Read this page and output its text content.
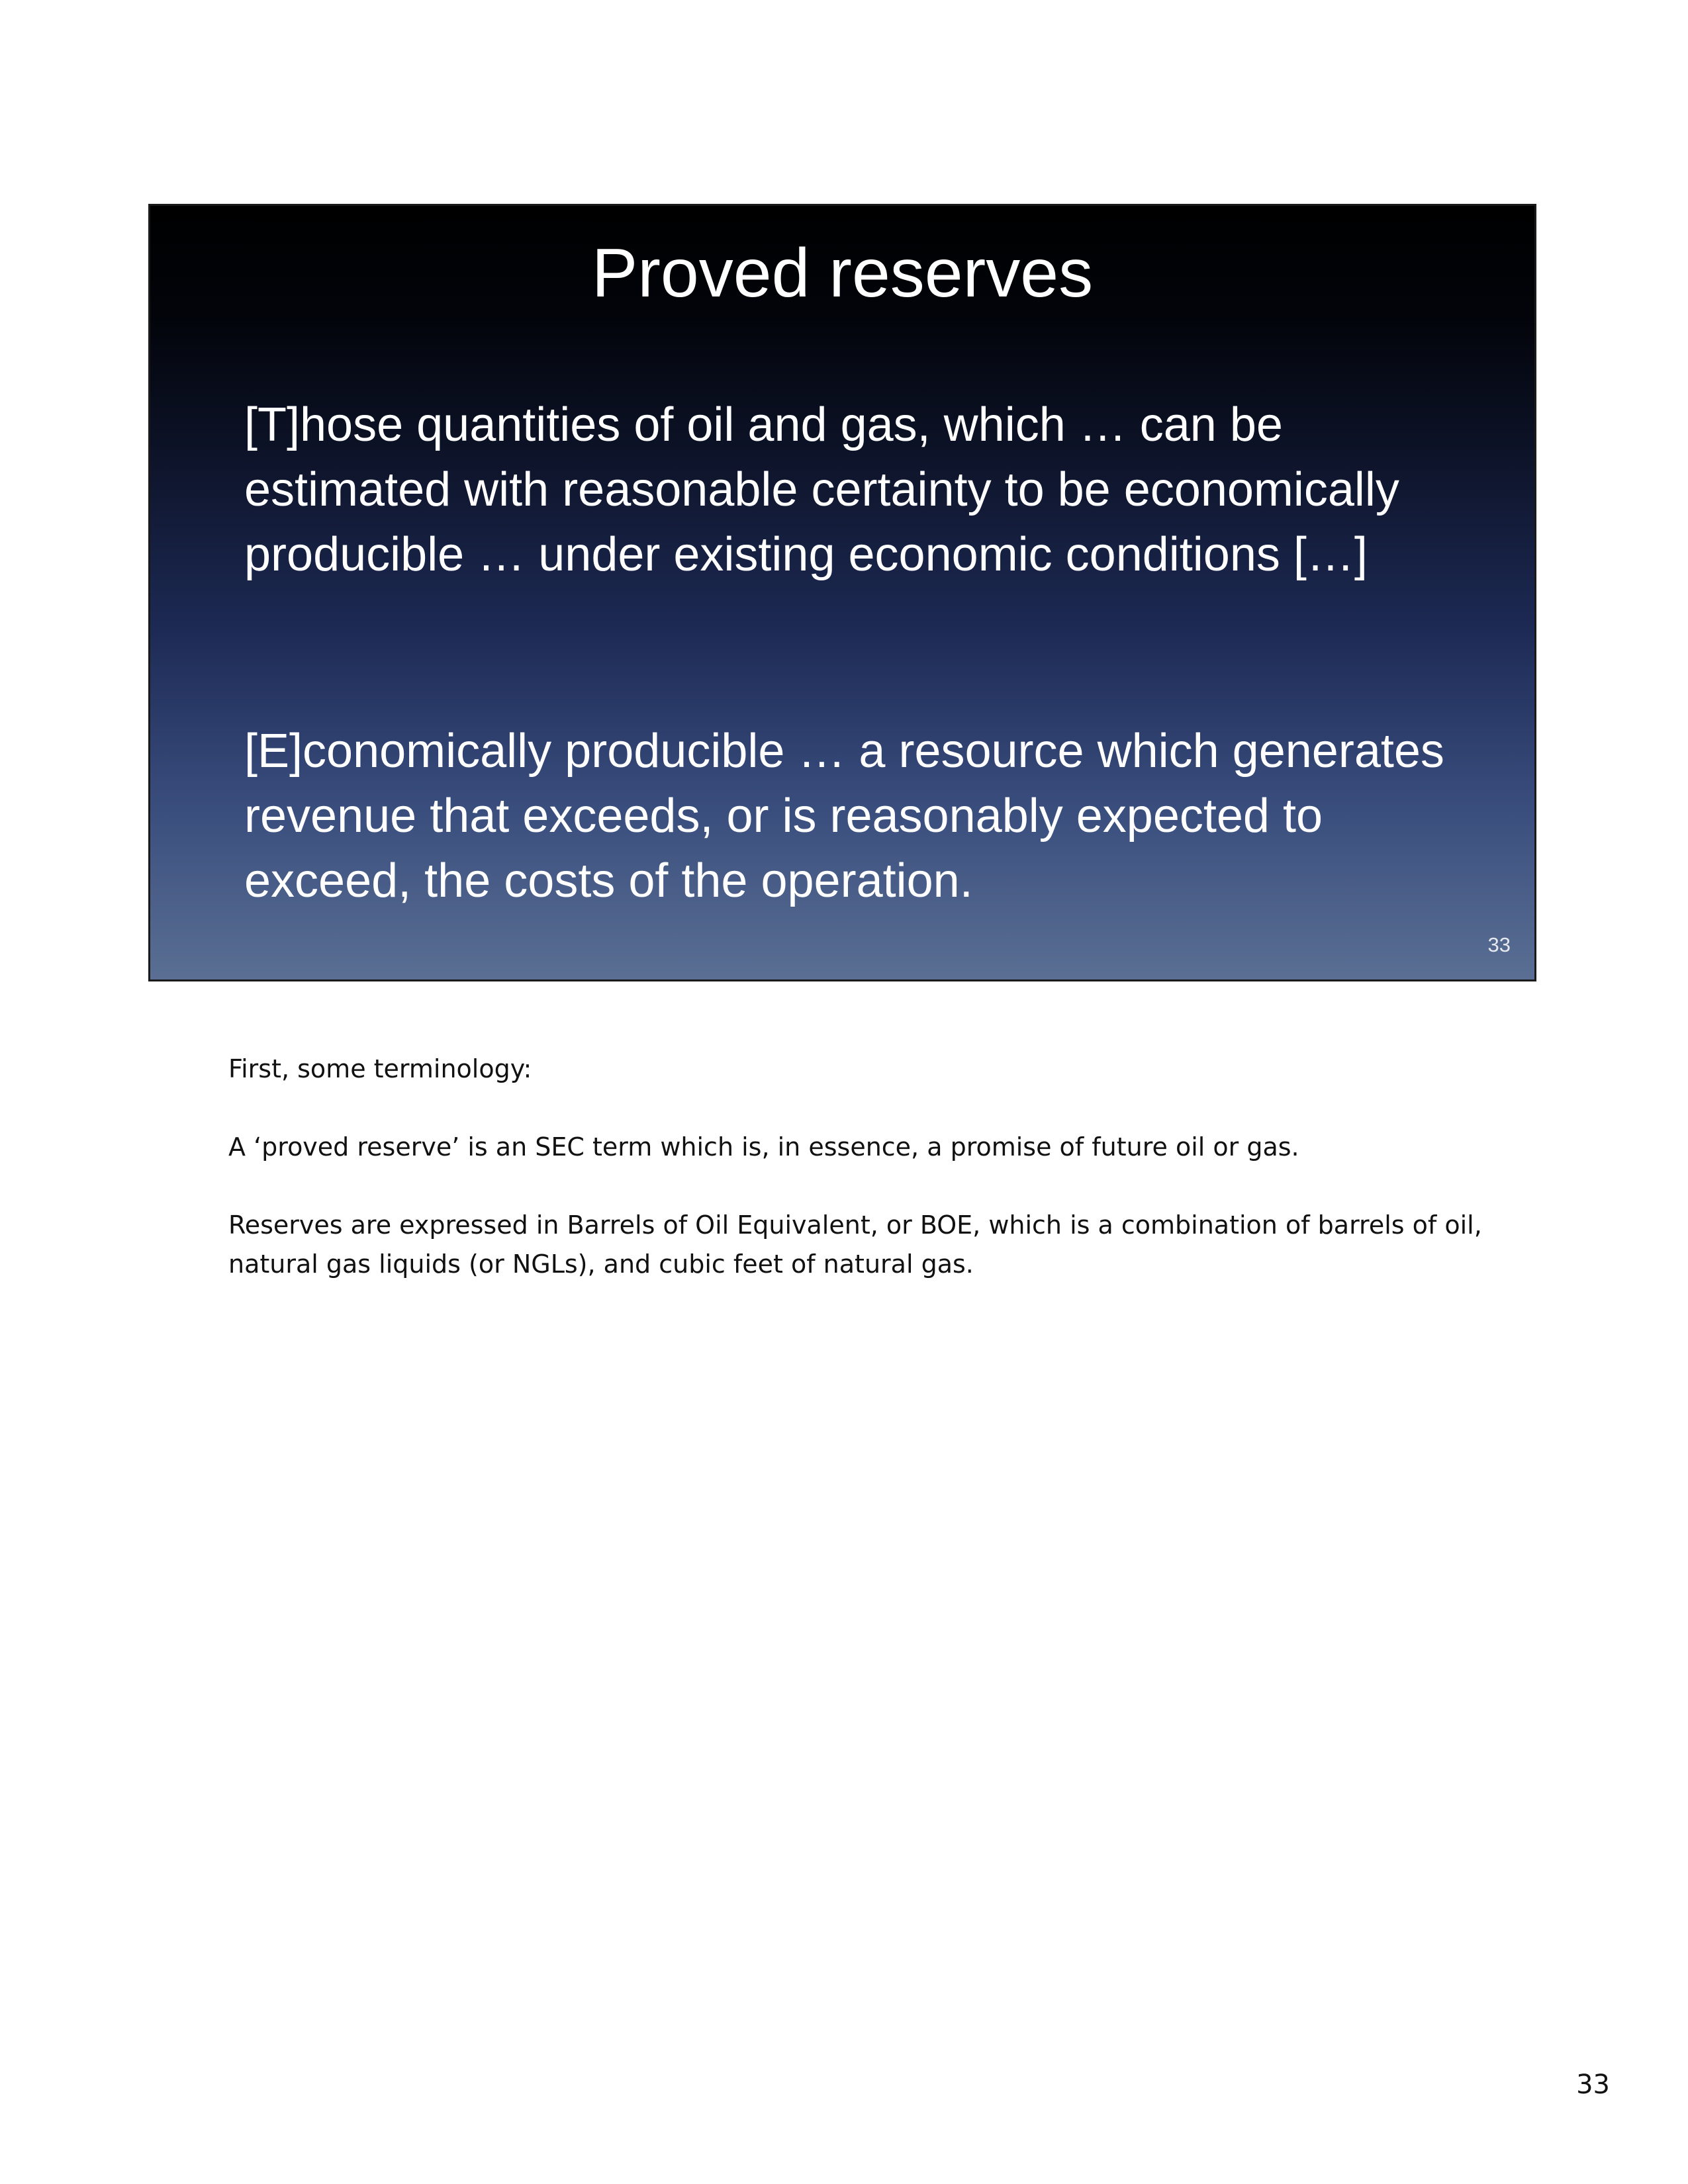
Proved reserves

[T]hose quantities of oil and gas, which … can be estimated with reasonable certainty to be economically producible … under existing economic conditions […]

[E]conomically producible … a resource which generates revenue that exceeds, or is reasonably expected to exceed, the costs of the operation.

33

First, some terminology:

A ‘proved reserve’ is an SEC term which is, in essence, a promise of future oil or gas.

Reserves are expressed in Barrels of Oil Equivalent, or BOE, which is a combination of barrels of oil, natural gas liquids (or NGLs), and cubic feet of natural gas.

33
